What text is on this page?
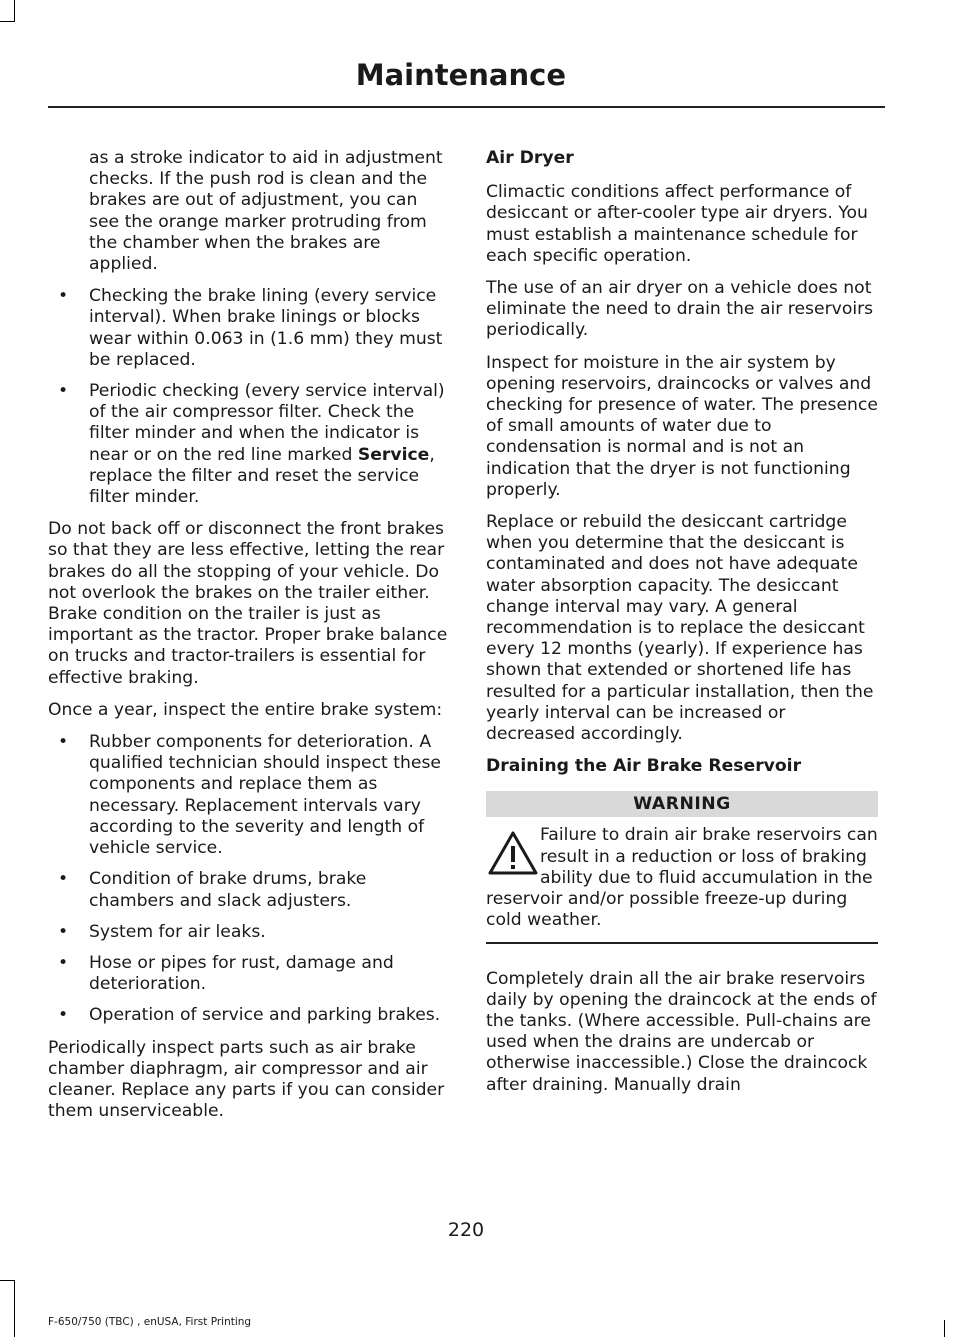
Maintenance

as a stroke indicator to aid in adjustment checks. If the push rod is clean and the brakes are out of adjustment, you can see the orange marker protruding from the chamber when the brakes are applied.

• Checking the brake lining (every service interval). When brake linings or blocks wear within 0.063 in (1.6 mm) they must be replaced.
• Periodic checking (every service interval) of the air compressor filter. Check the filter minder and when the indicator is near or on the red line marked Service, replace the filter and reset the service filter minder.

Do not back off or disconnect the front brakes so that they are less effective, letting the rear brakes do all the stopping of your vehicle. Do not overlook the brakes on the trailer either. Brake condition on the trailer is just as important as the tractor. Proper brake balance on trucks and tractor-trailers is essential for effective braking.

Once a year, inspect the entire brake system:

• Rubber components for deterioration. A qualified technician should inspect these components and replace them as necessary. Replacement intervals vary according to the severity and length of vehicle service.
• Condition of brake drums, brake chambers and slack adjusters.
• System for air leaks.
• Hose or pipes for rust, damage and deterioration.
• Operation of service and parking brakes.

Periodically inspect parts such as air brake chamber diaphragm, air compressor and air cleaner. Replace any parts if you can consider them unserviceable.

Air Dryer

Climactic conditions affect performance of desiccant or after-cooler type air dryers. You must establish a maintenance schedule for each specific operation.

The use of an air dryer on a vehicle does not eliminate the need to drain the air reservoirs periodically.

Inspect for moisture in the air system by opening reservoirs, draincocks or valves and checking for presence of water. The presence of small amounts of water due to condensation is normal and is not an indication that the dryer is not functioning properly.

Replace or rebuild the desiccant cartridge when you determine that the desiccant is contaminated and does not have adequate water absorption capacity. The desiccant change interval may vary. A general recommendation is to replace the desiccant every 12 months (yearly). If experience has shown that extended or shortened life has resulted for a particular installation, then the yearly interval can be increased or decreased accordingly.

Draining the Air Brake Reservoir

WARNING
Failure to drain air brake reservoirs can result in a reduction or loss of braking ability due to fluid accumulation in the reservoir and/or possible freeze-up during cold weather.

Completely drain all the air brake reservoirs daily by opening the draincock at the ends of the tanks. (Where accessible. Pull-chains are used when the drains are undercab or otherwise inaccessible.) Close the draincock after draining. Manually drain

220
F-650/750 (TBC) , enUSA, First Printing
